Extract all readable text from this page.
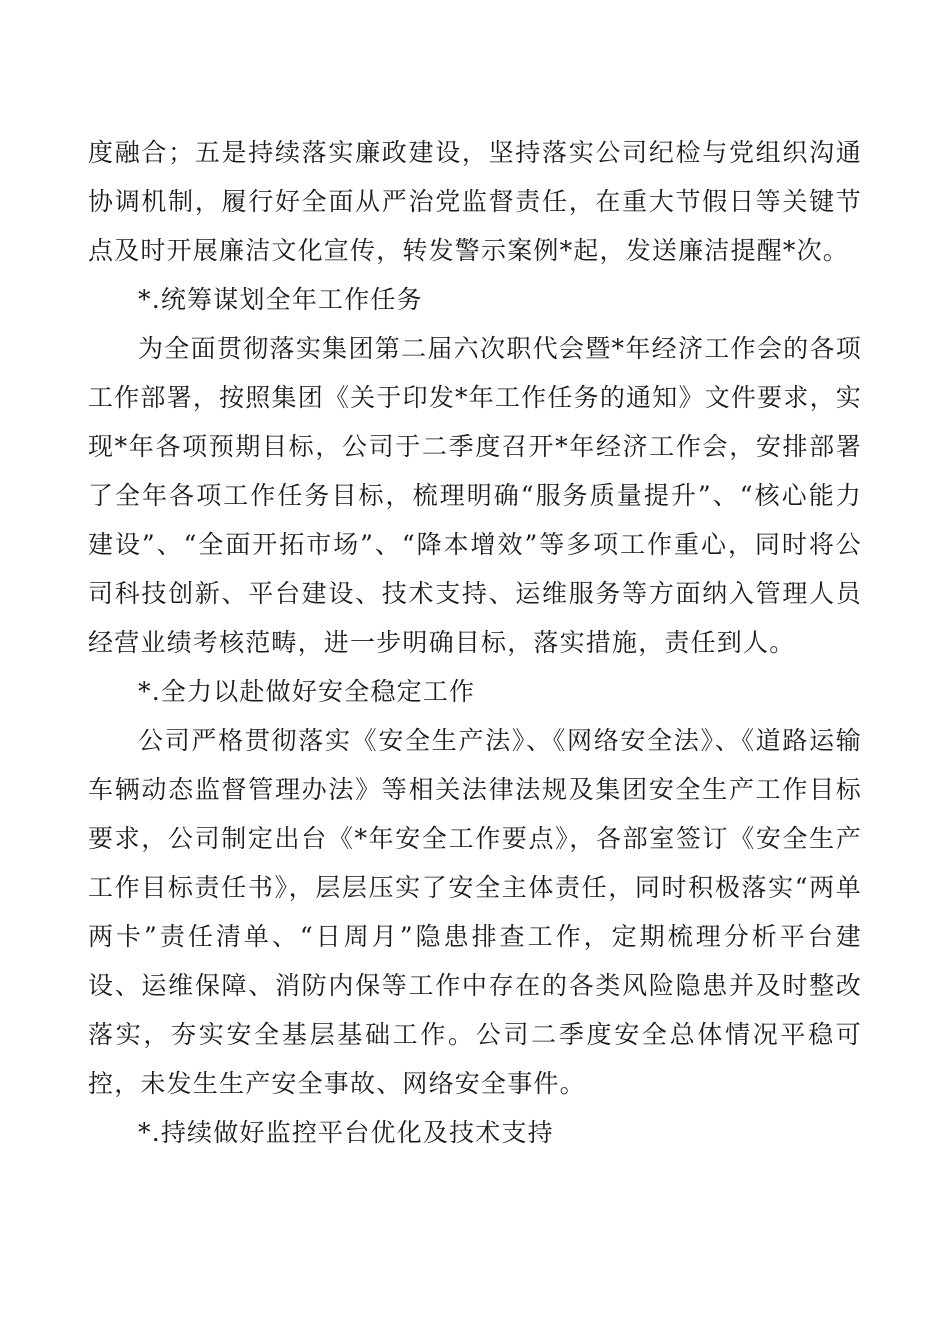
度融合；五是持续落实廉政建设，坚持落实公司纪检与党组织沟通协调机制，履行好全面从严治党监督责任，在重大节假日等关键节点及时开展廉洁文化宣传，转发警示案例*起，发送廉洁提醒*次。

*.统筹谋划全年工作任务

为全面贯彻落实集团第二届六次职代会暨*年经济工作会的各项工作部署，按照集团《关于印发*年工作任务的通知》文件要求，实现*年各项预期目标，公司于二季度召开*年经济工作会，安排部署了全年各项工作任务目标，梳理明确“服务质量提升”、“核心能力建设”、“全面开拓市场”、“降本增效”等多项工作重心，同时将公司科技创新、平台建设、技术支持、运维服务等方面纳入管理人员经营业绩考核范畴，进一步明确目标，落实措施，责任到人。

*.全力以赴做好安全稳定工作

公司严格贯彻落实《安全生产法》、《网络安全法》、《道路运输车辆动态监督管理办法》等相关法律法规及集团安全生产工作目标要求，公司制定出台《*年安全工作要点》，各部室签订《安全生产工作目标责任书》，层层压实了安全主体责任，同时积极落实“两单两卡”责任清单、“日周月”隐患排查工作，定期梳理分析平台建设、运维保障、消防内保等工作中存在的各类风险隐患并及时整改落实，夯实安全基层基础工作。公司二季度安全总体情况平稳可控，未发生生产安全事故、网络安全事件。

*.持续做好监控平台优化及技术支持
